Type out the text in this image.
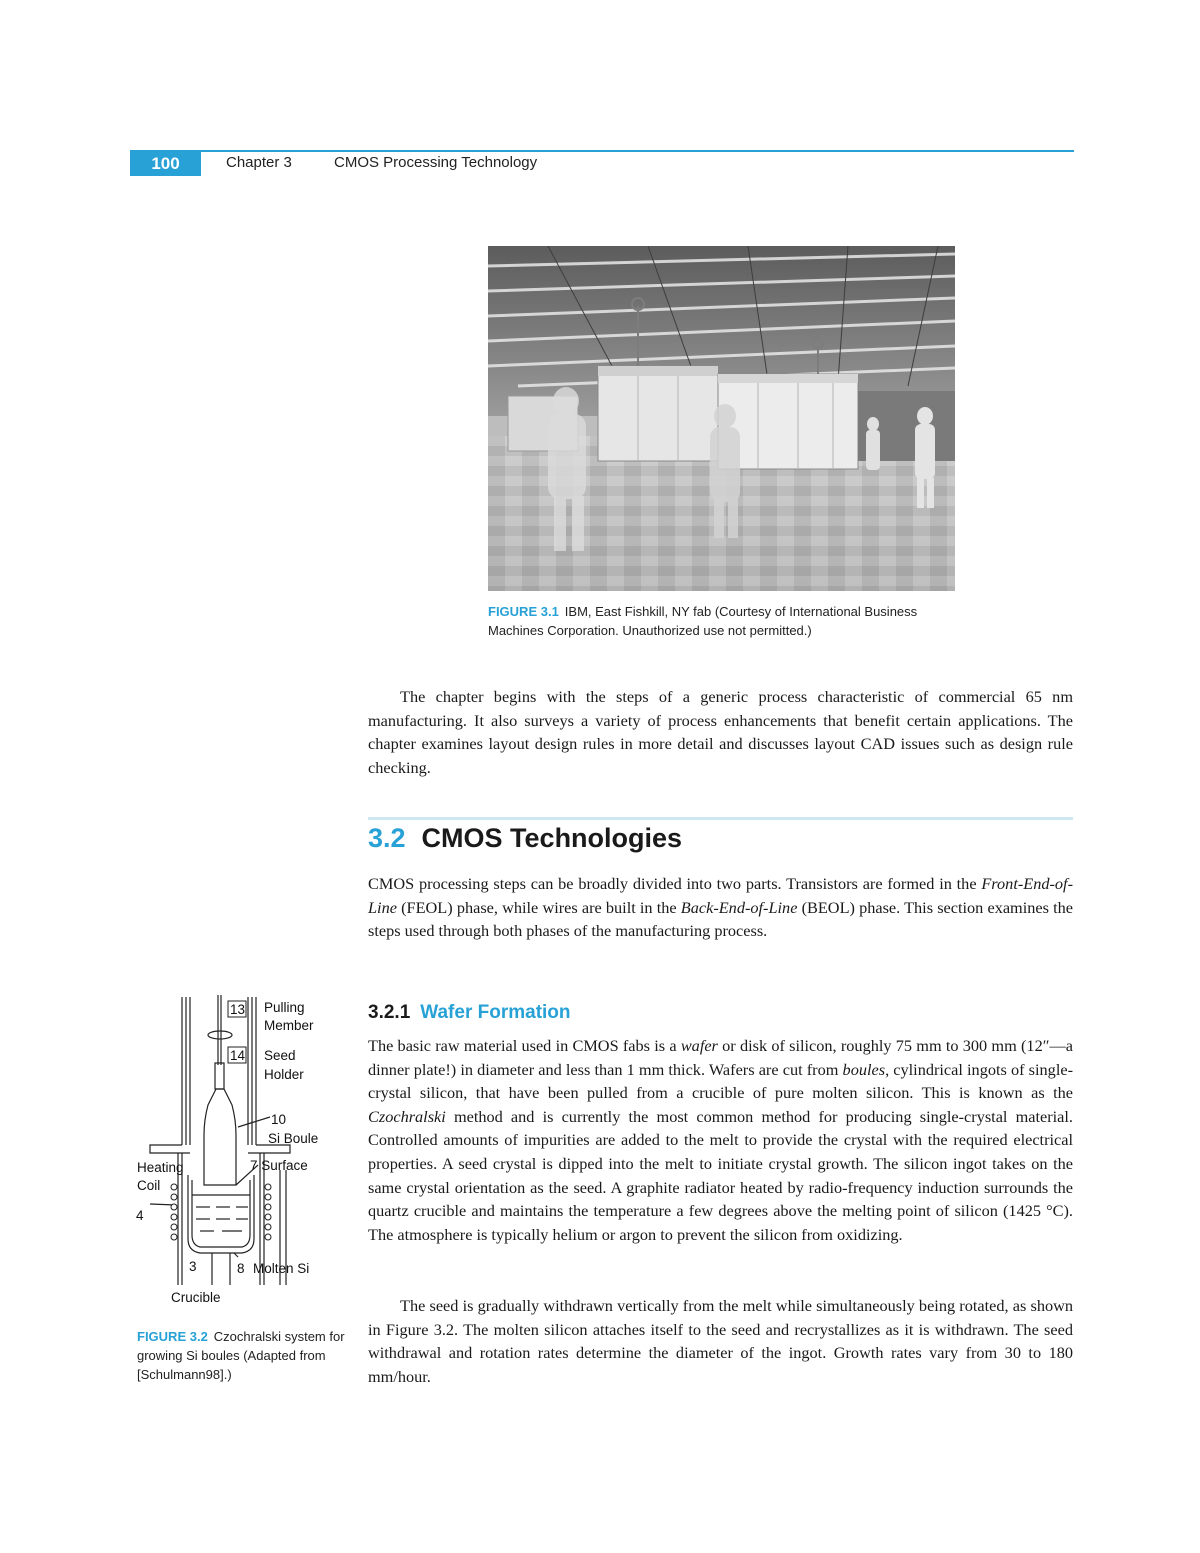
100	Chapter 3	CMOS Processing Technology
FIGURE 3.1 IBM, East Fishkill, NY fab (Courtesy of International Business Machines Corporation. Unauthorized use not permitted.)

The chapter begins with the steps of a generic process characteristic of commercial 65 nm manufacturing. It also surveys a variety of process enhancements that benefit certain applications. The chapter examines layout design rules in more detail and discusses layout CAD issues such as design rule checking.

3.2 CMOS Technologies

CMOS processing steps can be broadly divided into two parts. Transistors are formed in the Front-End-of-Line (FEOL) phase, while wires are built in the Back-End-of-Line (BEOL) phase. This section examines the steps used through both phases of the manufacturing process.

3.2.1 Wafer Formation

The basic raw material used in CMOS fabs is a wafer or disk of silicon, roughly 75 mm to 300 mm (12″—a dinner plate!) in diameter and less than 1 mm thick. Wafers are cut from boules, cylindrical ingots of single-crystal silicon, that have been pulled from a crucible of pure molten silicon. This is known as the Czochralski method and is currently the most common method for producing single-crystal material. Controlled amounts of impurities are added to the melt to provide the crystal with the required electrical properties. A seed crystal is dipped into the melt to initiate crystal growth. The silicon ingot takes on the same crystal orientation as the seed. A graphite radiator heated by radio-frequency induction surrounds the quartz crucible and maintains the temperature a few degrees above the melting point of silicon (1425 °C). The atmosphere is typically helium or argon to prevent the silicon from oxidizing.

The seed is gradually withdrawn vertically from the melt while simultaneously being rotated, as shown in Figure 3.2. The molten silicon attaches itself to the seed and recrystallizes as it is withdrawn. The seed withdrawal and rotation rates determine the diameter of the ingot. Growth rates vary from 30 to 180 mm/hour.

13 Pulling
Member
14 Seed
Holder
10
Si Boule
7 Surface
Heating
Coil
4
3	8 Molten Si
Crucible
FIGURE 3.2 Czochralski system for growing Si boules (Adapted from [Schulmann98].)
